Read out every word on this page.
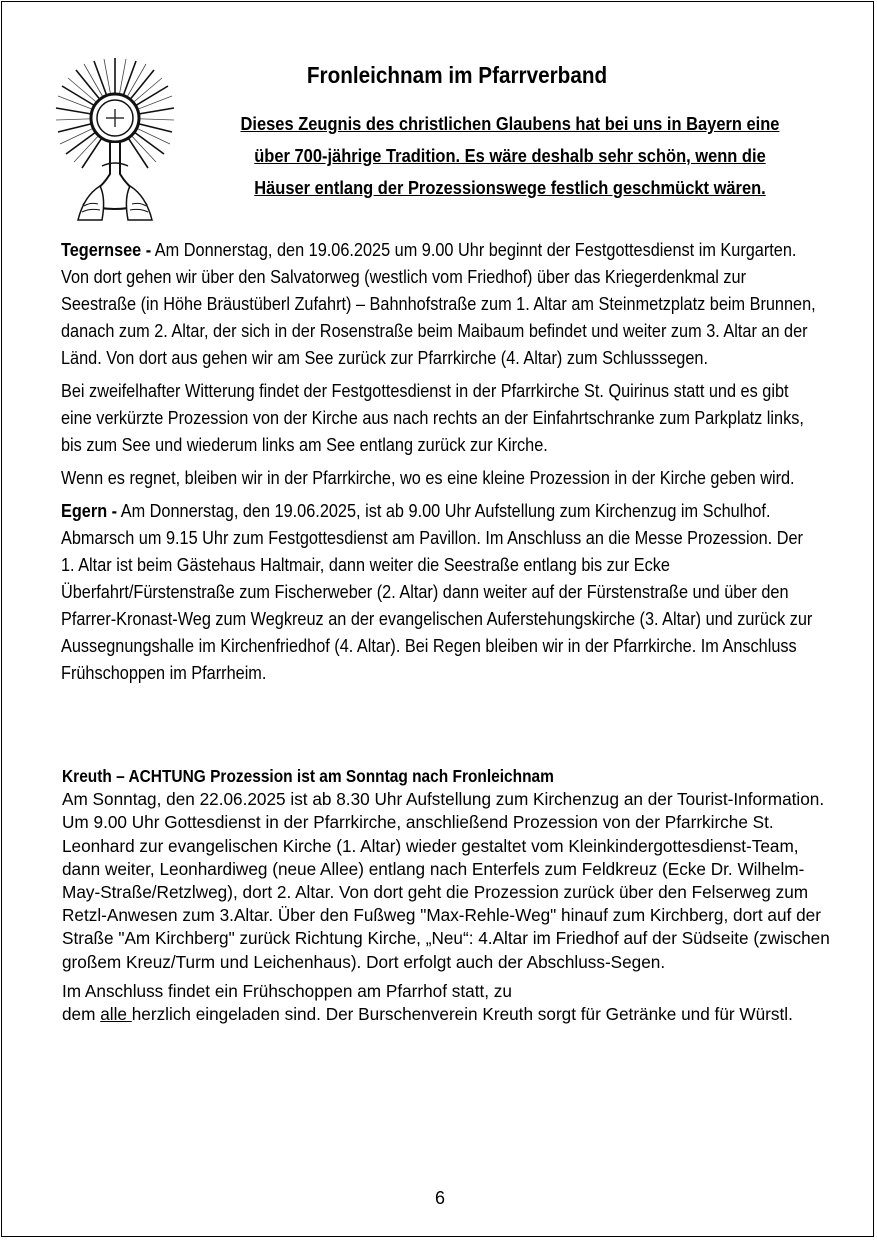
Fronleichnam im Pfarrverband
Dieses Zeugnis des christlichen Glaubens hat bei uns in Bayern eine
über 700-jährige Tradition. Es wäre deshalb sehr schön, wenn die
Häuser entlang der Prozessionswege festlich geschmückt wären.

Tegernsee - Am Donnerstag, den 19.06.2025 um 9.00 Uhr beginnt der Festgottesdienst im Kurgarten. Von dort gehen wir über den Salvatorweg (westlich vom Friedhof) über das Kriegerdenkmal zur Seestraße (in Höhe Bräustüberl Zufahrt) – Bahnhofstraße zum 1. Altar am Steinmetzplatz beim Brunnen, danach zum 2. Altar, der sich in der Rosenstraße beim Maibaum befindet und weiter zum 3. Altar an der Länd. Von dort aus gehen wir am See zurück zur Pfarrkirche (4. Altar) zum Schlusssegen.

Bei zweifelhafter Witterung findet der Festgottesdienst in der Pfarrkirche St. Quirinus statt und es gibt eine verkürzte Prozession von der Kirche aus nach rechts an der Einfahrtschranke zum Parkplatz links, bis zum See und wiederum links am See entlang zurück zur Kirche.

Wenn es regnet, bleiben wir in der Pfarrkirche, wo es eine kleine Prozession in der Kirche geben wird.

Egern - Am Donnerstag, den 19.06.2025, ist ab 9.00 Uhr Aufstellung zum Kirchenzug im Schulhof. Abmarsch um 9.15 Uhr zum Festgottesdienst am Pavillon. Im Anschluss an die Messe Prozession. Der 1. Altar ist beim Gästehaus Haltmair, dann weiter die Seestraße entlang bis zur Ecke Überfahrt/Fürstenstraße zum Fischerweber (2. Altar) dann weiter auf der Fürstenstraße und über den Pfarrer-Kronast-Weg zum Wegkreuz an der evangelischen Auferstehungskirche (3. Altar) und zurück zur Aussegnungshalle im Kirchenfriedhof (4. Altar). Bei Regen bleiben wir in der Pfarrkirche. Im Anschluss Frühschoppen im Pfarrheim.

Kreuth – ACHTUNG Prozession ist am Sonntag nach Fronleichnam

Am Sonntag, den 22.06.2025 ist ab 8.30 Uhr Aufstellung zum Kirchenzug an der Tourist-Information.

Um 9.00 Uhr Gottesdienst in der Pfarrkirche, anschließend Prozession von der Pfarrkirche St. Leonhard zur evangelischen Kirche (1. Altar) wieder gestaltet vom Kleinkindergottesdienst-Team, dann weiter, Leonhardiweg (neue Allee) entlang nach Enterfels zum Feldkreuz (Ecke Dr. Wilhelm-May-Straße/Retzlweg), dort 2. Altar. Von dort geht die Prozession zurück über den Felserweg zum Retzl-Anwesen zum 3.Altar. Über den Fußweg "Max-Rehle-Weg" hinauf zum Kirchberg, dort auf der Straße "Am Kirchberg" zurück Richtung Kirche, „Neu“: 4.Altar im Friedhof auf der Südseite (zwischen großem Kreuz/Turm und Leichenhaus). Dort erfolgt auch der Abschluss-Segen.

Im Anschluss findet ein Frühschoppen am Pfarrhof statt, zu
dem alle herzlich eingeladen sind. Der Burschenverein Kreuth sorgt für Getränke und für Würstl.

6
